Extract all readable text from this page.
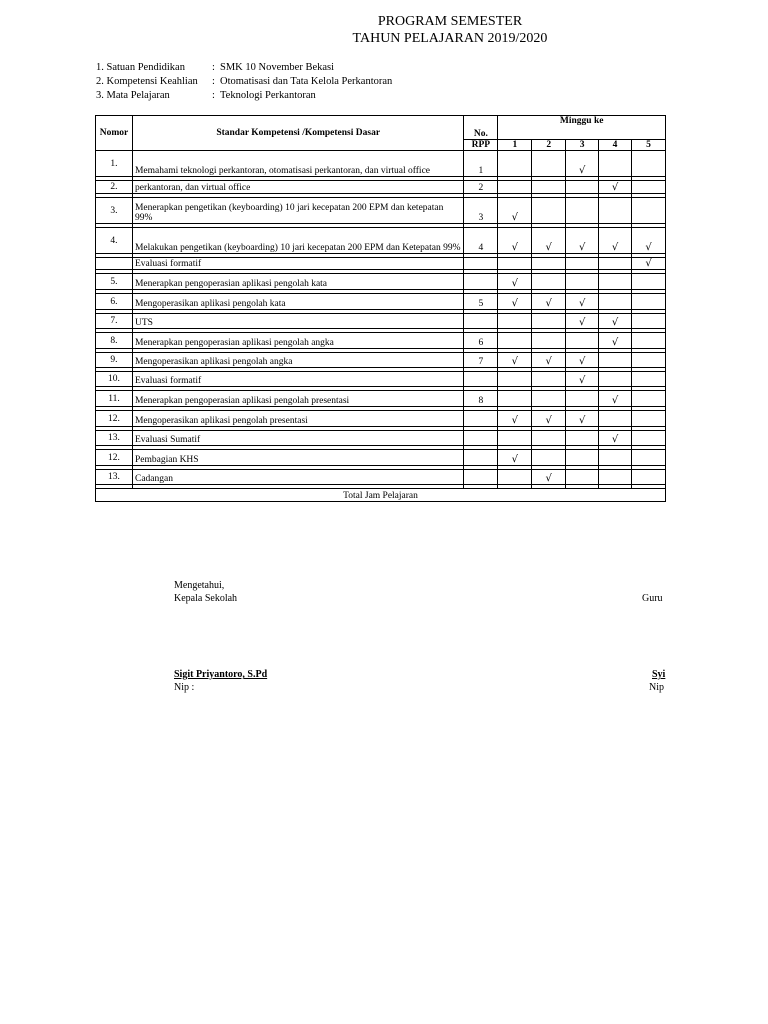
PROGRAM SEMESTER
TAHUN PELAJARAN 2019/2020
1. Satuan Pendidikan	: SMK 10 November Bekasi
2. Kompetensi Keahlian : Otomatisasi dan Tata Kelola Perkantoran
3. Mata Pelajaran	: Teknologi Perkantoran
Nomor	Standar Kompetensi /Kompetensi Dasar	No.	Minggu ke				
		RPP	1	2	3	4	5
1.	Memahami teknologi perkantoran, otomatisasi perkantoran, dan virtual office	1			√		

2.	perkantoran, dan virtual office	2				√	

3.	Menerapkan pengetikan (keyboarding) 10 jari kecepatan 200 EPM dan ketepatan 99%	3	√				

4.	Melakukan pengetikan (keyboarding) 10 jari kecepatan 200 EPM dan Ketepatan 99%	4	√	√	√	√	√

	Evaluasi formatif						√

5.	Menerapkan pengoperasian aplikasi pengolah kata		√				

6.	Mengoperasikan aplikasi pengolah kata	5	√	√	√		

7.	UTS				√	√	

8.	Menerapkan pengoperasian aplikasi pengolah angka	6				√	

9.	Mengoperasikan aplikasi pengolah angka	7	√	√	√		

10.	Evaluasi formatif				√		

11.	Menerapkan pengoperasian aplikasi pengolah presentasi	8				√	

12.	Mengoperasikan aplikasi pengolah presentasi		√	√	√		

13.	Evaluasi Sumatif					√	

12.	Pembagian KHS		√				

13.	Cadangan			√			

Total Jam Pelajaran							
Mengetahui,
Kepala Sekolah
Sigit Priyantoro, S.Pd
Nip :
Guru
Syi
Nip
